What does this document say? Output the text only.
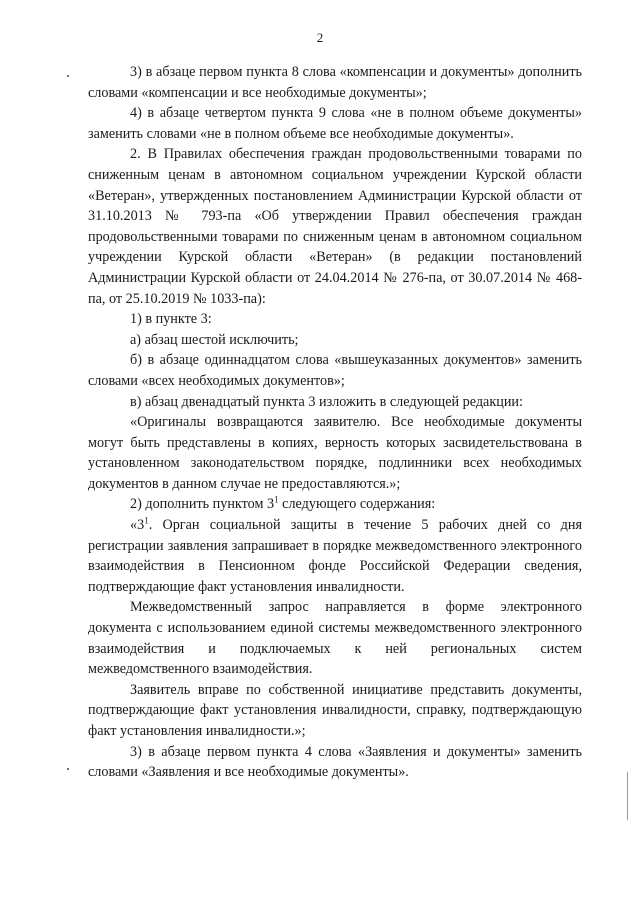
2

3) в абзаце первом пункта 8 слова «компенсации и документы» дополнить словами «компенсации и все необходимые документы»;

4) в абзаце четвертом пункта 9 слова «не в полном объеме документы» заменить словами «не в полном объеме все необходимые документы».

2. В Правилах обеспечения граждан продовольственными товарами по сниженным ценам в автономном социальном учреждении Курской области «Ветеран», утвержденных постановлением Администрации Курской области от 31.10.2013 № 793-па «Об утверждении Правил обеспечения граждан продовольственными товарами по сниженным ценам в автономном социальном учреждении Курской области «Ветеран» (в редакции постановлений Администрации Курской области от 24.04.2014 № 276-па, от 30.07.2014 № 468-па, от 25.10.2019 № 1033-па):

1) в пункте 3:

а) абзац шестой исключить;

б) в абзаце одиннадцатом слова «вышеуказанных документов» заменить словами «всех необходимых документов»;

в) абзац двенадцатый пункта 3 изложить в следующей редакции:

«Оригиналы возвращаются заявителю. Все необходимые документы могут быть представлены в копиях, верность которых засвидетельствована в установленном законодательством порядке, подлинники всех необходимых документов в данном случае не предоставляются.»;

2) дополнить пунктом $3^1$ следующего содержания:

«$3^1$. Орган социальной защиты в течение 5 рабочих дней со дня регистрации заявления запрашивает в порядке межведомственного электронного взаимодействия в Пенсионном фонде Российской Федерации сведения, подтверждающие факт установления инвалидности.

Межведомственный запрос направляется в форме электронного документа с использованием единой системы межведомственного электронного взаимодействия и подключаемых к ней региональных систем межведомственного взаимодействия.

Заявитель вправе по собственной инициативе представить документы, подтверждающие факт установления инвалидности, справку, подтверждающую факт установления инвалидности.»;

3) в абзаце первом пункта 4 слова «Заявления и документы» заменить словами «Заявления и все необходимые документы».
